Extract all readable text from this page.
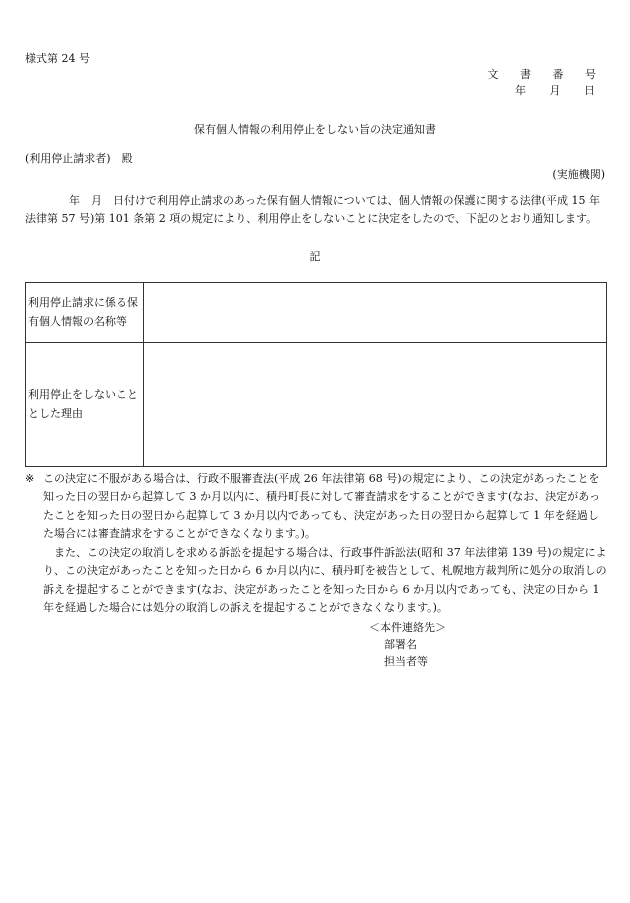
様式第 24 号
文 書 番 号
年 月 日
保有個人情報の利用停止をしない旨の決定通知書
(利用停止請求者)　殿
(実施機関)
年　月　日付けで利用停止請求のあった保有個人情報については、個人情報の保護に関する法律(平成 15 年法律第 57 号)第 101 条第 2 項の規定により、利用停止をしないことに決定をしたので、下記のとおり通知します。
記
利用停止請求に係る保有個人情報の名称等	
利用停止をしないこととした理由	
※ この決定に不服がある場合は、行政不服審査法(平成 26 年法律第 68 号)の規定により、この決定があったことを知った日の翌日から起算して 3 か月以内に、積丹町長に対して審査請求をすることができます(なお、決定があったことを知った日の翌日から起算して 3 か月以内であっても、決定があった日の翌日から起算して 1 年を経過した場合には審査請求をすることができなくなります。)。
また、この決定の取消しを求める訴訟を提起する場合は、行政事件訴訟法(昭和 37 年法律第 139 号)の規定により、この決定があったことを知った日から 6 か月以内に、積丹町を被告として、札幌地方裁判所に処分の取消しの訴えを提起することができます(なお、決定があったことを知った日から 6 か月以内であっても、決定の日から 1 年を経過した場合には処分の取消しの訴えを提起することができなくなります。)。
＜本件連絡先＞
部署名
担当者等
